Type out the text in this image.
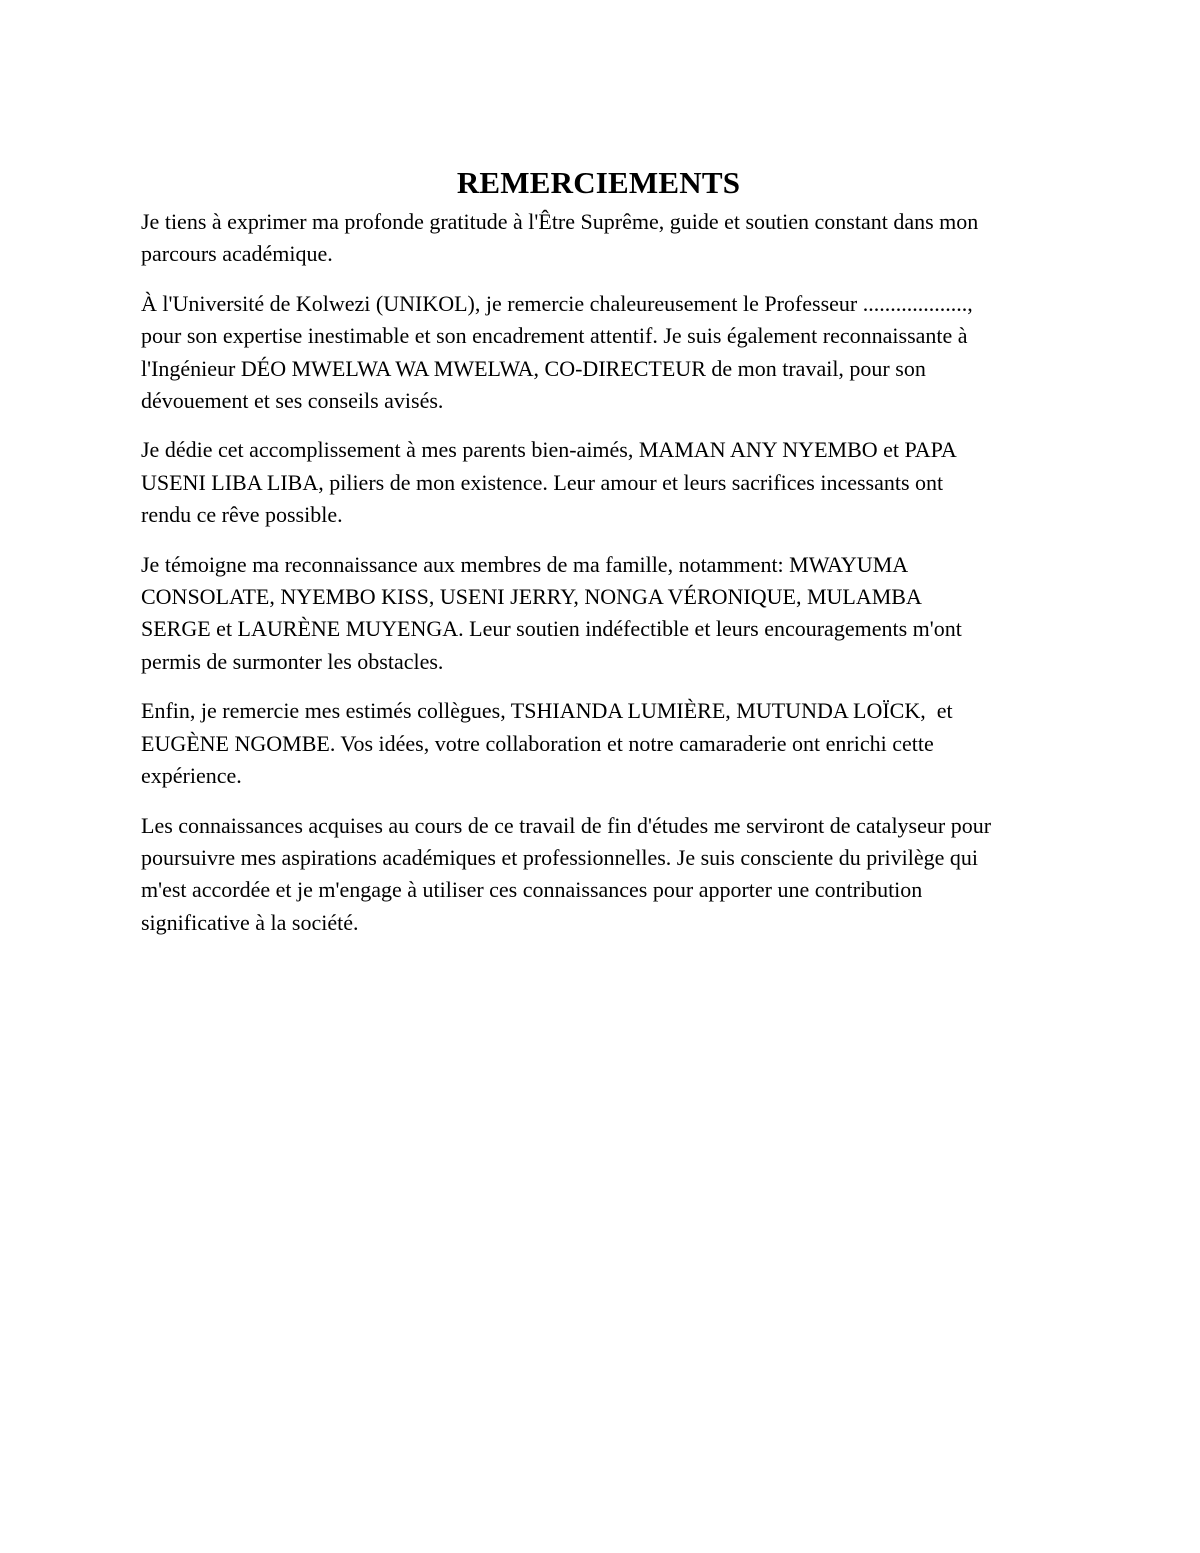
REMERCIEMENTS

Je tiens à exprimer ma profonde gratitude à l'Être Suprême, guide et soutien constant dans mon
parcours académique.

À l'Université de Kolwezi (UNIKOL), je remercie chaleureusement le Professeur ...................,
pour son expertise inestimable et son encadrement attentif. Je suis également reconnaissante à
l'Ingénieur DÉO MWELWA WA MWELWA, CO-DIRECTEUR de mon travail, pour son
dévouement et ses conseils avisés.

Je dédie cet accomplissement à mes parents bien-aimés, MAMAN ANY NYEMBO et PAPA
USENI LIBA LIBA, piliers de mon existence. Leur amour et leurs sacrifices incessants ont
rendu ce rêve possible.

Je témoigne ma reconnaissance aux membres de ma famille, notamment: MWAYUMA
CONSOLATE, NYEMBO KISS, USENI JERRY, NONGA VÉRONIQUE, MULAMBA
SERGE et LAURÈNE MUYENGA. Leur soutien indéfectible et leurs encouragements m'ont
permis de surmonter les obstacles.

Enfin, je remercie mes estimés collègues, TSHIANDA LUMIÈRE, MUTUNDA LOÏCK,  et
EUGÈNE NGOMBE. Vos idées, votre collaboration et notre camaraderie ont enrichi cette
expérience.

Les connaissances acquises au cours de ce travail de fin d'études me serviront de catalyseur pour
poursuivre mes aspirations académiques et professionnelles. Je suis consciente du privilège qui
m'est accordée et je m'engage à utiliser ces connaissances pour apporter une contribution
significative à la société.
